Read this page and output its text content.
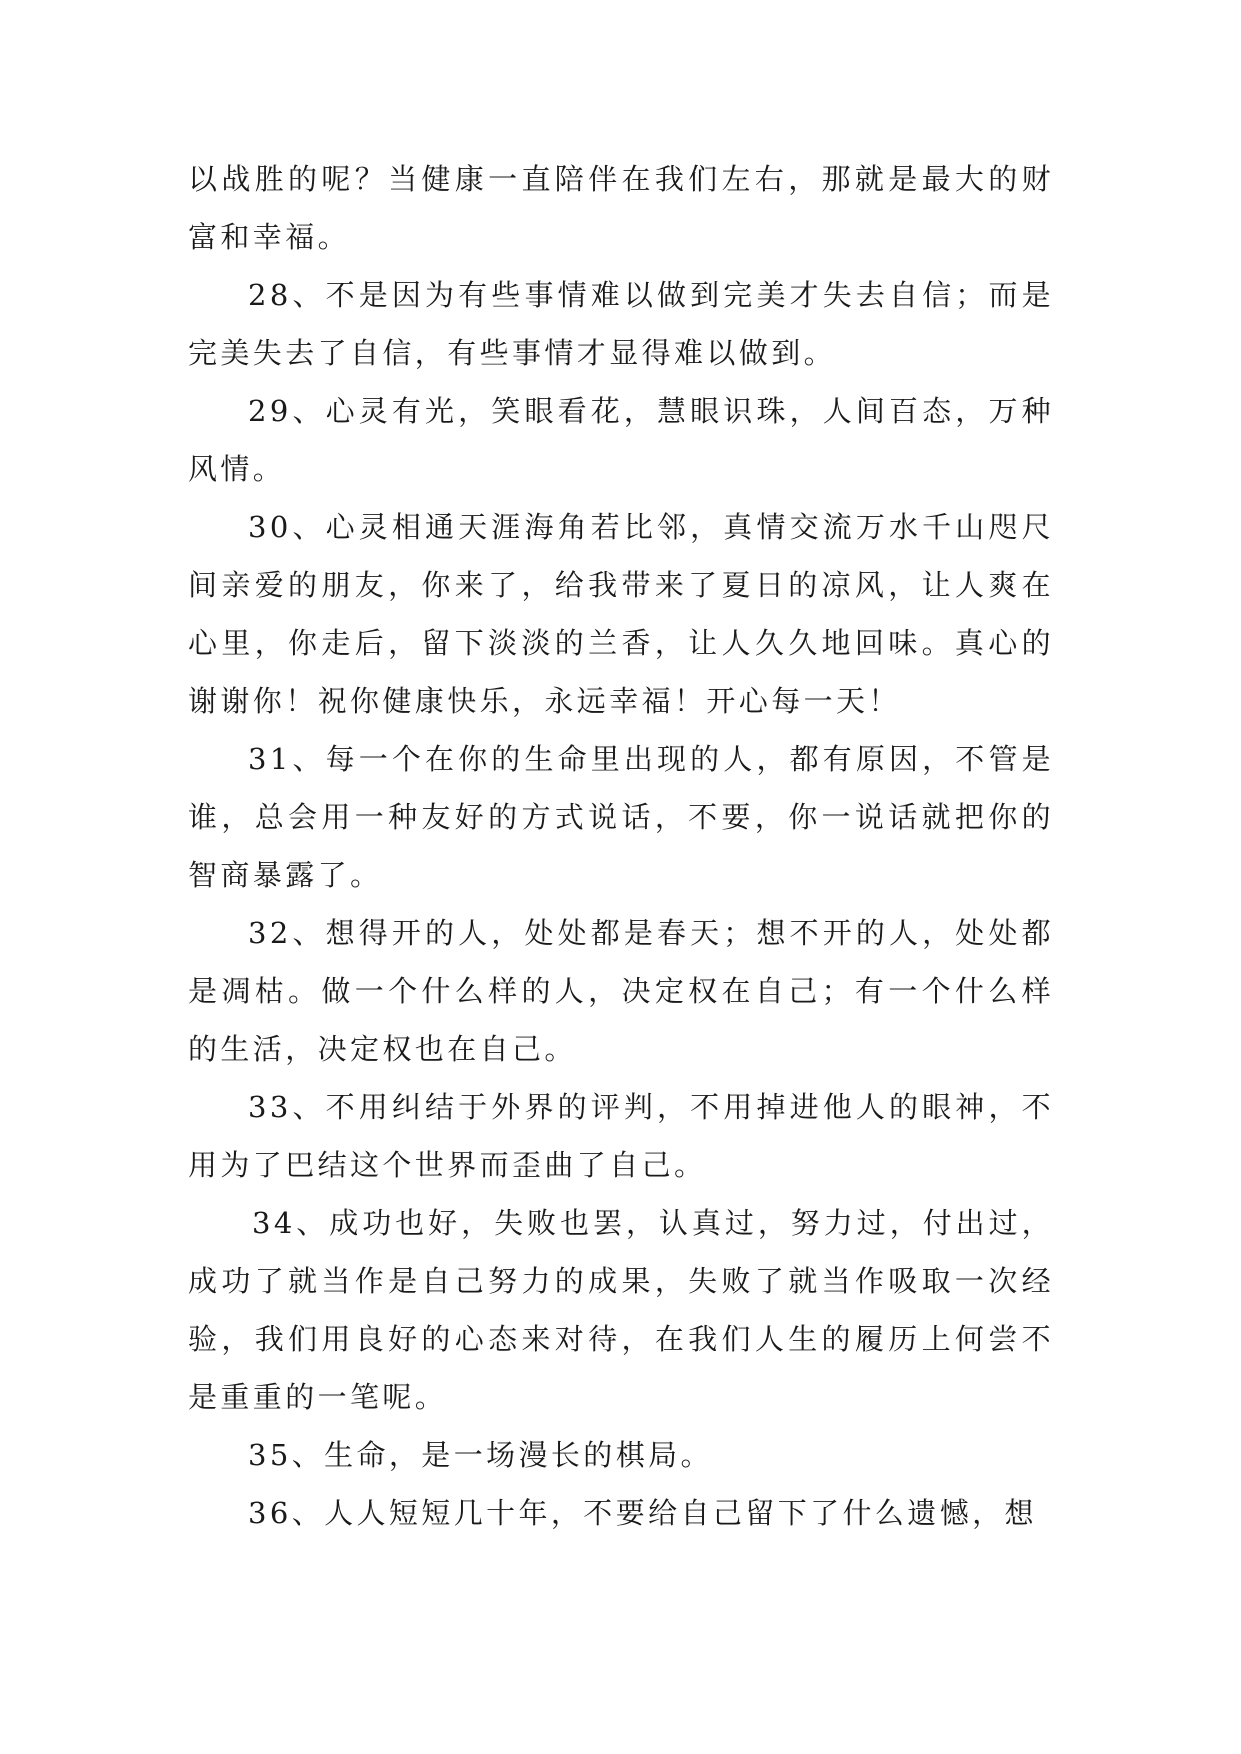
以战胜的呢？当健康一直陪伴在我们左右，那就是最大的财富和幸福。

28、不是因为有些事情难以做到完美才失去自信；而是完美失去了自信，有些事情才显得难以做到。

29、心灵有光，笑眼看花，慧眼识珠，人间百态，万种风情。

30、心灵相通天涯海角若比邻，真情交流万水千山咫尺间亲爱的朋友，你来了，给我带来了夏日的凉风，让人爽在心里，你走后，留下淡淡的兰香，让人久久地回味。真心的谢谢你！祝你健康快乐，永远幸福！开心每一天！

31、每一个在你的生命里出现的人，都有原因，不管是谁，总会用一种友好的方式说话，不要，你一说话就把你的智商暴露了。

32、想得开的人，处处都是春天；想不开的人，处处都是凋枯。做一个什么样的人，决定权在自己；有一个什么样的生活，决定权也在自己。

33、不用纠结于外界的评判，不用掉进他人的眼神，不用为了巴结这个世界而歪曲了自己。

34、成功也好，失败也罢，认真过，努力过，付出过，成功了就当作是自己努力的成果，失败了就当作吸取一次经验，我们用良好的心态来对待，在我们人生的履历上何尝不是重重的一笔呢。

35、生命，是一场漫长的棋局。

36、人人短短几十年，不要给自己留下了什么遗憾，想
